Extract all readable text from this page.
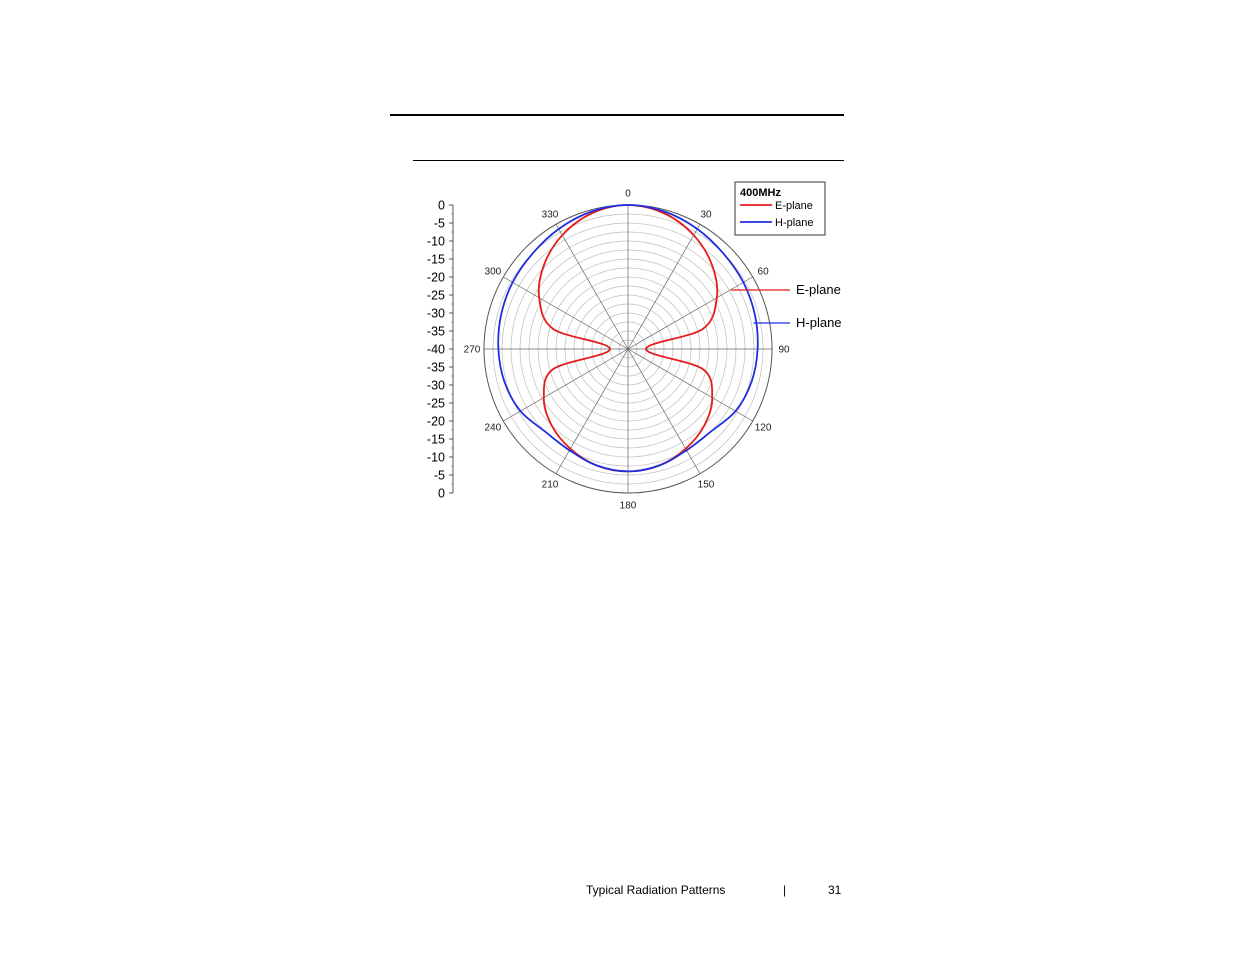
0
-5
-10
-15
-20
-25
-30
-35
-40
-35
-30
-25
-20
-15
-10
-5
0
0
30
60
90
120
150
180
210
240
270
300
330
E-plane
H-plane
400MHz
E-plane
H-plane
Typical Radiation Patterns	|	31
